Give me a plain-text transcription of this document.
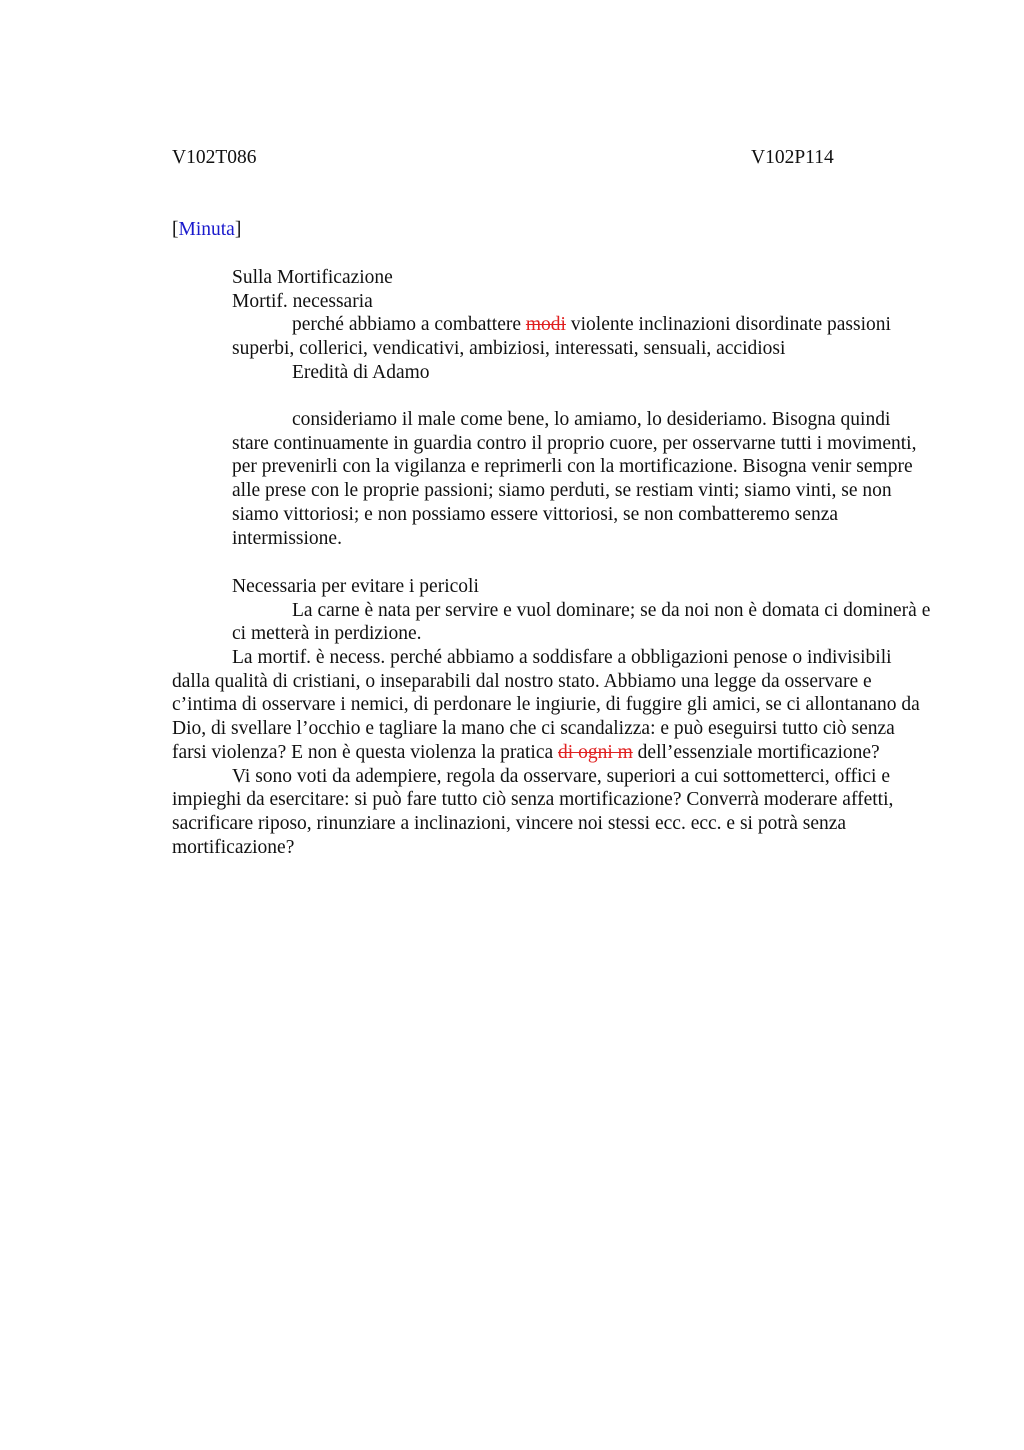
V102T086	V102P114
[Minuta]

Sulla Mortificazione

Mortif. necessaria

perché abbiamo a combattere modi violente inclinazioni disordinate passioni superbi, collerici, vendicativi, ambiziosi, interessati, sensuali, accidiosi

Eredità di Adamo

consideriamo il male come bene, lo amiamo, lo desideriamo. Bisogna quindi stare continuamente in guardia contro il proprio cuore, per osservarne tutti i movimenti, per prevenirli con la vigilanza e reprimerli con la mortificazione. Bisogna venir sempre alle prese con le proprie passioni; siamo perduti, se restiam vinti; siamo vinti, se non siamo vittoriosi; e non possiamo essere vittoriosi, se non combatteremo senza intermissione.

Necessaria per evitare i pericoli

La carne è nata per servire e vuol dominare; se da noi non è domata ci dominerà e ci metterà in perdizione.

La mortif. è necess. perché abbiamo a soddisfare a obbligazioni penose o indivisibili dalla qualità di cristiani, o inseparabili dal nostro stato. Abbiamo una legge da osservare e c’intima di osservare i nemici, di perdonare le ingiurie, di fuggire gli amici, se ci allontanano da Dio, di svellare l’occhio e tagliare la mano che ci scandalizza: e può eseguirsi tutto ciò senza farsi violenza? E non è questa violenza la pratica di ogni m dell’essenziale mortificazione?

Vi sono voti da adempiere, regola da osservare, superiori a cui sottometterci, offici e impieghi da esercitare: si può fare tutto ciò senza mortificazione? Converrà moderare affetti, sacrificare riposo, rinunziare a inclinazioni, vincere noi stessi ecc. ecc. e si potrà senza mortificazione?
